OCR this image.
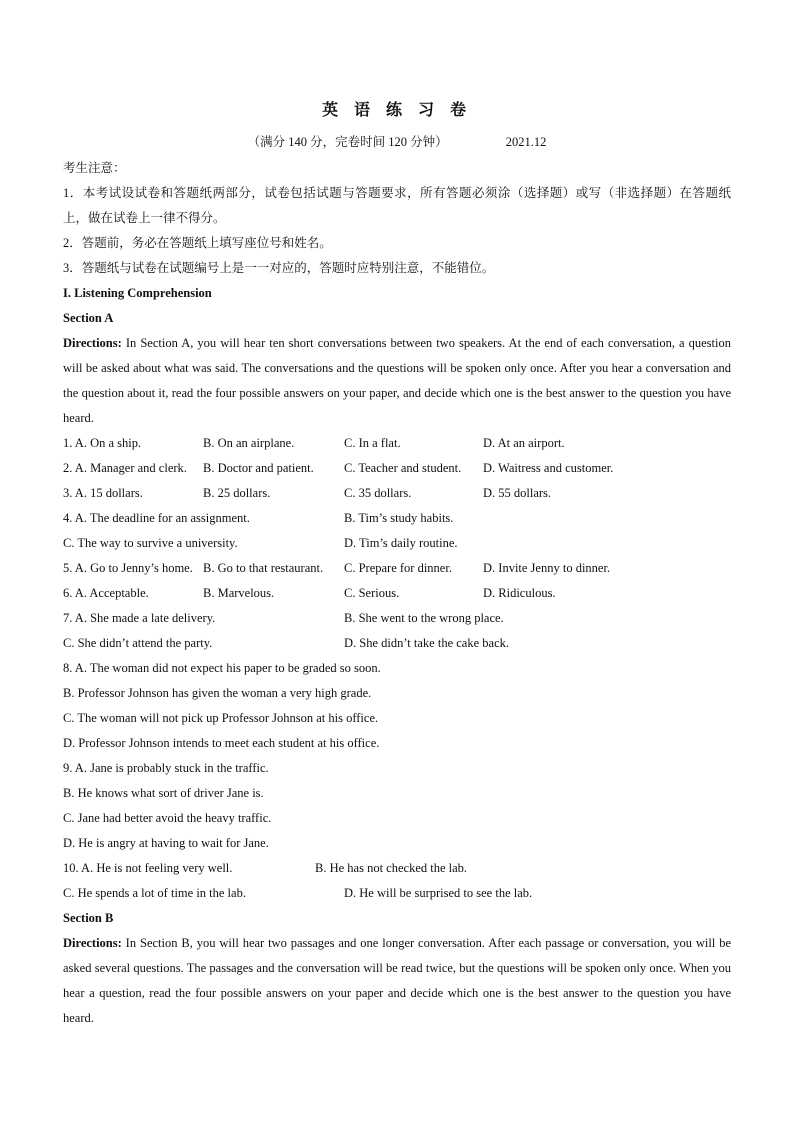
英 语 练 习 卷
（满分 140 分，完卷时间 120 分钟）	2021.12
考生注意：
1．本考试设试卷和答题纸两部分，试卷包括试题与答题要求，所有答题必须涂（选择题）或写（非选择题）在答题纸上，做在试卷上一律不得分。
2．答题前，务必在答题纸上填写座位号和姓名。
3．答题纸与试卷在试题编号上是一一对应的，答题时应特别注意，不能错位。
I. Listening Comprehension
Section A
Directions: In Section A, you will hear ten short conversations between two speakers. At the end of each conversation, a question will be asked about what was said. The conversations and the questions will be spoken only once. After you hear a conversation and the question about it, read the four possible answers on your paper, and decide which one is the best answer to the question you have heard.
1. A. On a ship.	B. On an airplane.	C. In a flat.	D. At an airport.
2. A. Manager and clerk. B. Doctor and patient. C. Teacher and student. D. Waitress and customer.
3. A. 15 dollars.	B. 25 dollars.	C. 35 dollars.	D. 55 dollars.
4. A. The deadline for an assignment.	B. Tim’s study habits.
C. The way to survive a university.	D. Tim’s daily routine.
5. A. Go to Jenny’s home. B. Go to that restaurant. C. Prepare for dinner. D. Invite Jenny to dinner.
6. A. Acceptable.	B. Marvelous.	C. Serious.	D. Ridiculous.
7. A. She made a late delivery.	B. She went to the wrong place.
C. She didn’t attend the party.	D. She didn’t take the cake back.
8. A. The woman did not expect his paper to be graded so soon.
B. Professor Johnson has given the woman a very high grade.
C. The woman will not pick up Professor Johnson at his office.
D. Professor Johnson intends to meet each student at his office.
9. A. Jane is probably stuck in the traffic.
B. He knows what sort of driver Jane is.
C. Jane had better avoid the heavy traffic.
D. He is angry at having to wait for Jane.
10. A. He is not feeling very well.	B. He has not checked the lab.
C. He spends a lot of time in the lab.	D. He will be surprised to see the lab.
Section B
Directions: In Section B, you will hear two passages and one longer conversation. After each passage or conversation, you will be asked several questions. The passages and the conversation will be read twice, but the questions will be spoken only once. When you hear a question, read the four possible answers on your paper and decide which one is the best answer to the question you have heard.
